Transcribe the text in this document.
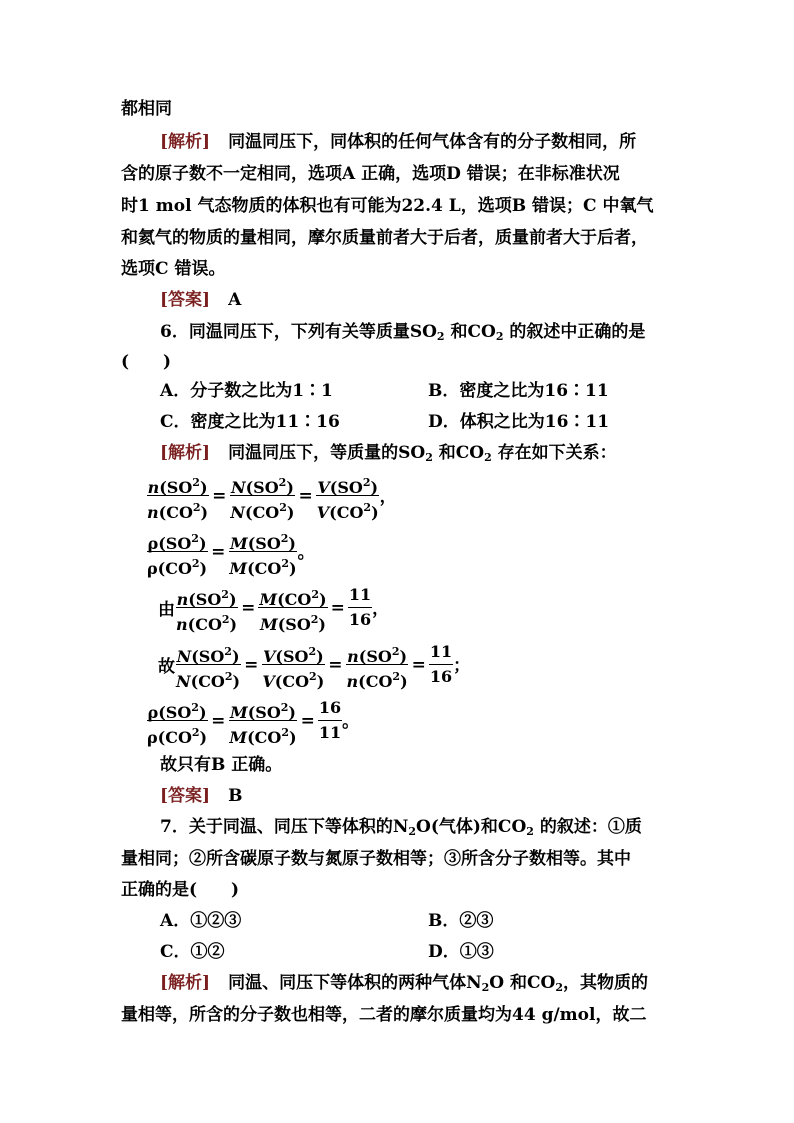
都相同
[解析] 同温同压下，同体积的任何气体含有的分子数相同，所
含的原子数不一定相同，选项A 正确，选项D 错误；在非标准状况
时1 mol 气态物质的体积也有可能为22.4 L，选项B 错误；C 中氧气
和氦气的物质的量相同，摩尔质量前者大于后者，质量前者大于后者，
选项C 错误。
[答案] A
6．同温同压下，下列有关等质量$SO_2$ 和$CO_2$ 的叙述中正确的是
(　　)
A．分子数之比为1∶1	B．密度之比为16∶11
C．密度之比为11∶16	D．体积之比为16∶11
[解析] 同温同压下，等质量的$SO_2$ 和$CO_2$ 存在如下关系：
$\frac{n(SO^2)}{n(CO^2)} = \frac{N(SO^2)}{N(CO^2)} = \frac{V(SO^2)}{V(CO^2)}$ ，
$\frac{\rho(SO^2)}{\rho(CO^2)} = \frac{M(SO^2)}{M(CO^2)}$ 。
由 $\frac{n(SO^2)}{n(CO^2)} = \frac{M(CO^2)}{M(SO^2)} = \frac{11}{16}$ ，
故 $\frac{N(SO^2)}{N(CO^2)} = \frac{V(SO^2)}{V(CO^2)} = \frac{n(SO^2)}{n(CO^2)} = \frac{11}{16}$ ；
$\frac{\rho(SO^2)}{\rho(CO^2)} = \frac{M(SO^2)}{M(CO^2)} = \frac{16}{11}$ 。
故只有B 正确。
[答案] B
7．关于同温、同压下等体积的$N_2O$(气体)和$CO_2$ 的叙述：①质
量相同；②所含碳原子数与氮原子数相等；③所含分子数相等。其中
正确的是(　　)
A．①②③	B．②③
C．①②	D．①③
[解析] 同温、同压下等体积的两种气体$N_2O$ 和$CO_2$，其物质的
量相等，所含的分子数也相等，二者的摩尔质量均为44 g/mol，故二
